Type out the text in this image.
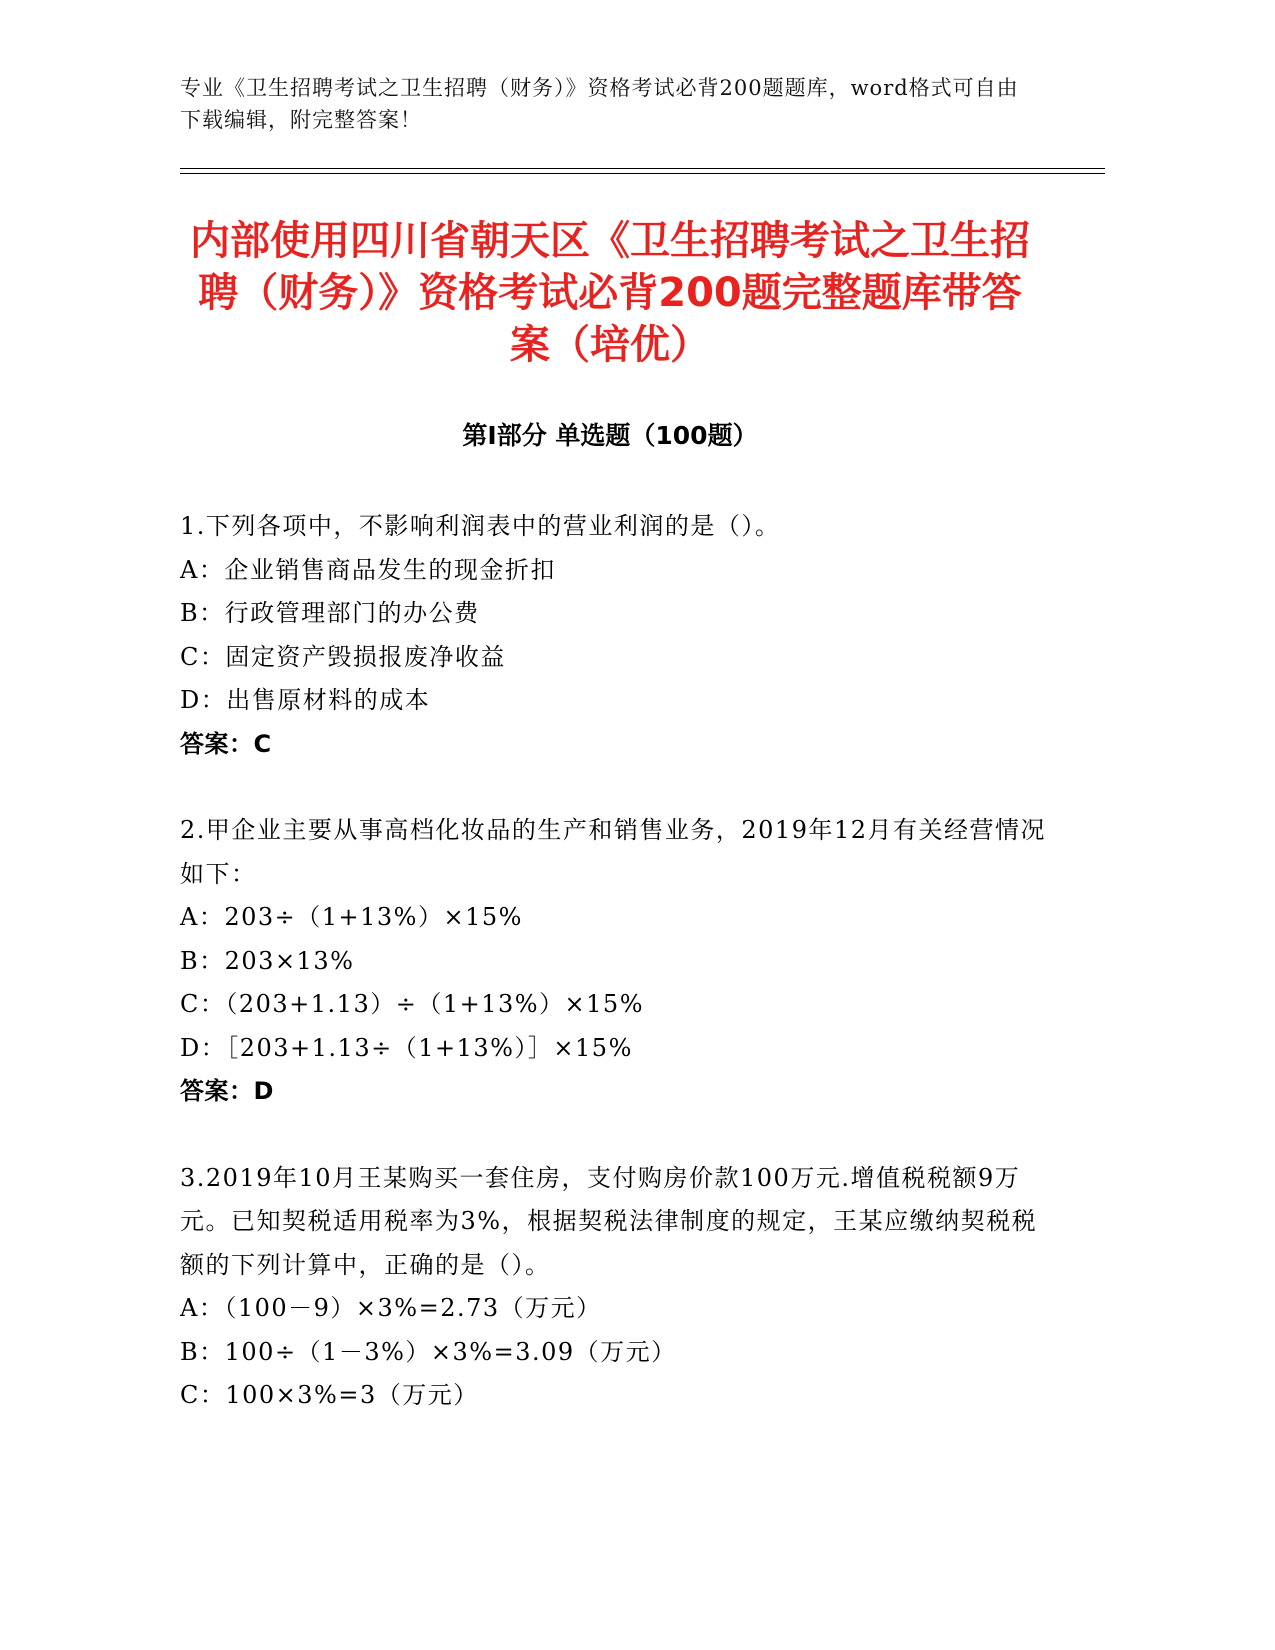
专业《卫生招聘考试之卫生招聘（财务）》资格考试必背200题题库，word格式可自由下载编辑，附完整答案！
内部使用四川省朝天区《卫生招聘考试之卫生招聘（财务）》资格考试必背200题完整题库带答案（培优）
第Ⅰ部分 单选题（100题）
1.下列各项中，不影响利润表中的营业利润的是（）。
A：企业销售商品发生的现金折扣
B：行政管理部门的办公费
C：固定资产毁损报废净收益
D：出售原材料的成本
答案：C
2.甲企业主要从事高档化妆品的生产和销售业务，2019年12月有关经营情况如下：
A：203÷（1+13%）×15%
B：203×13%
C：（203+1.13）÷（1+13%）×15%
D：［203+1.13÷（1+13%）］×15%
答案：D
3.2019年10月王某购买一套住房，支付购房价款100万元.增值税税额9万元。已知契税适用税率为3%，根据契税法律制度的规定，王某应缴纳契税税额的下列计算中，正确的是（）。
A：（100－9）×3%=2.73（万元）
B：100÷（1－3%）×3%=3.09（万元）
C：100×3%=3（万元）
